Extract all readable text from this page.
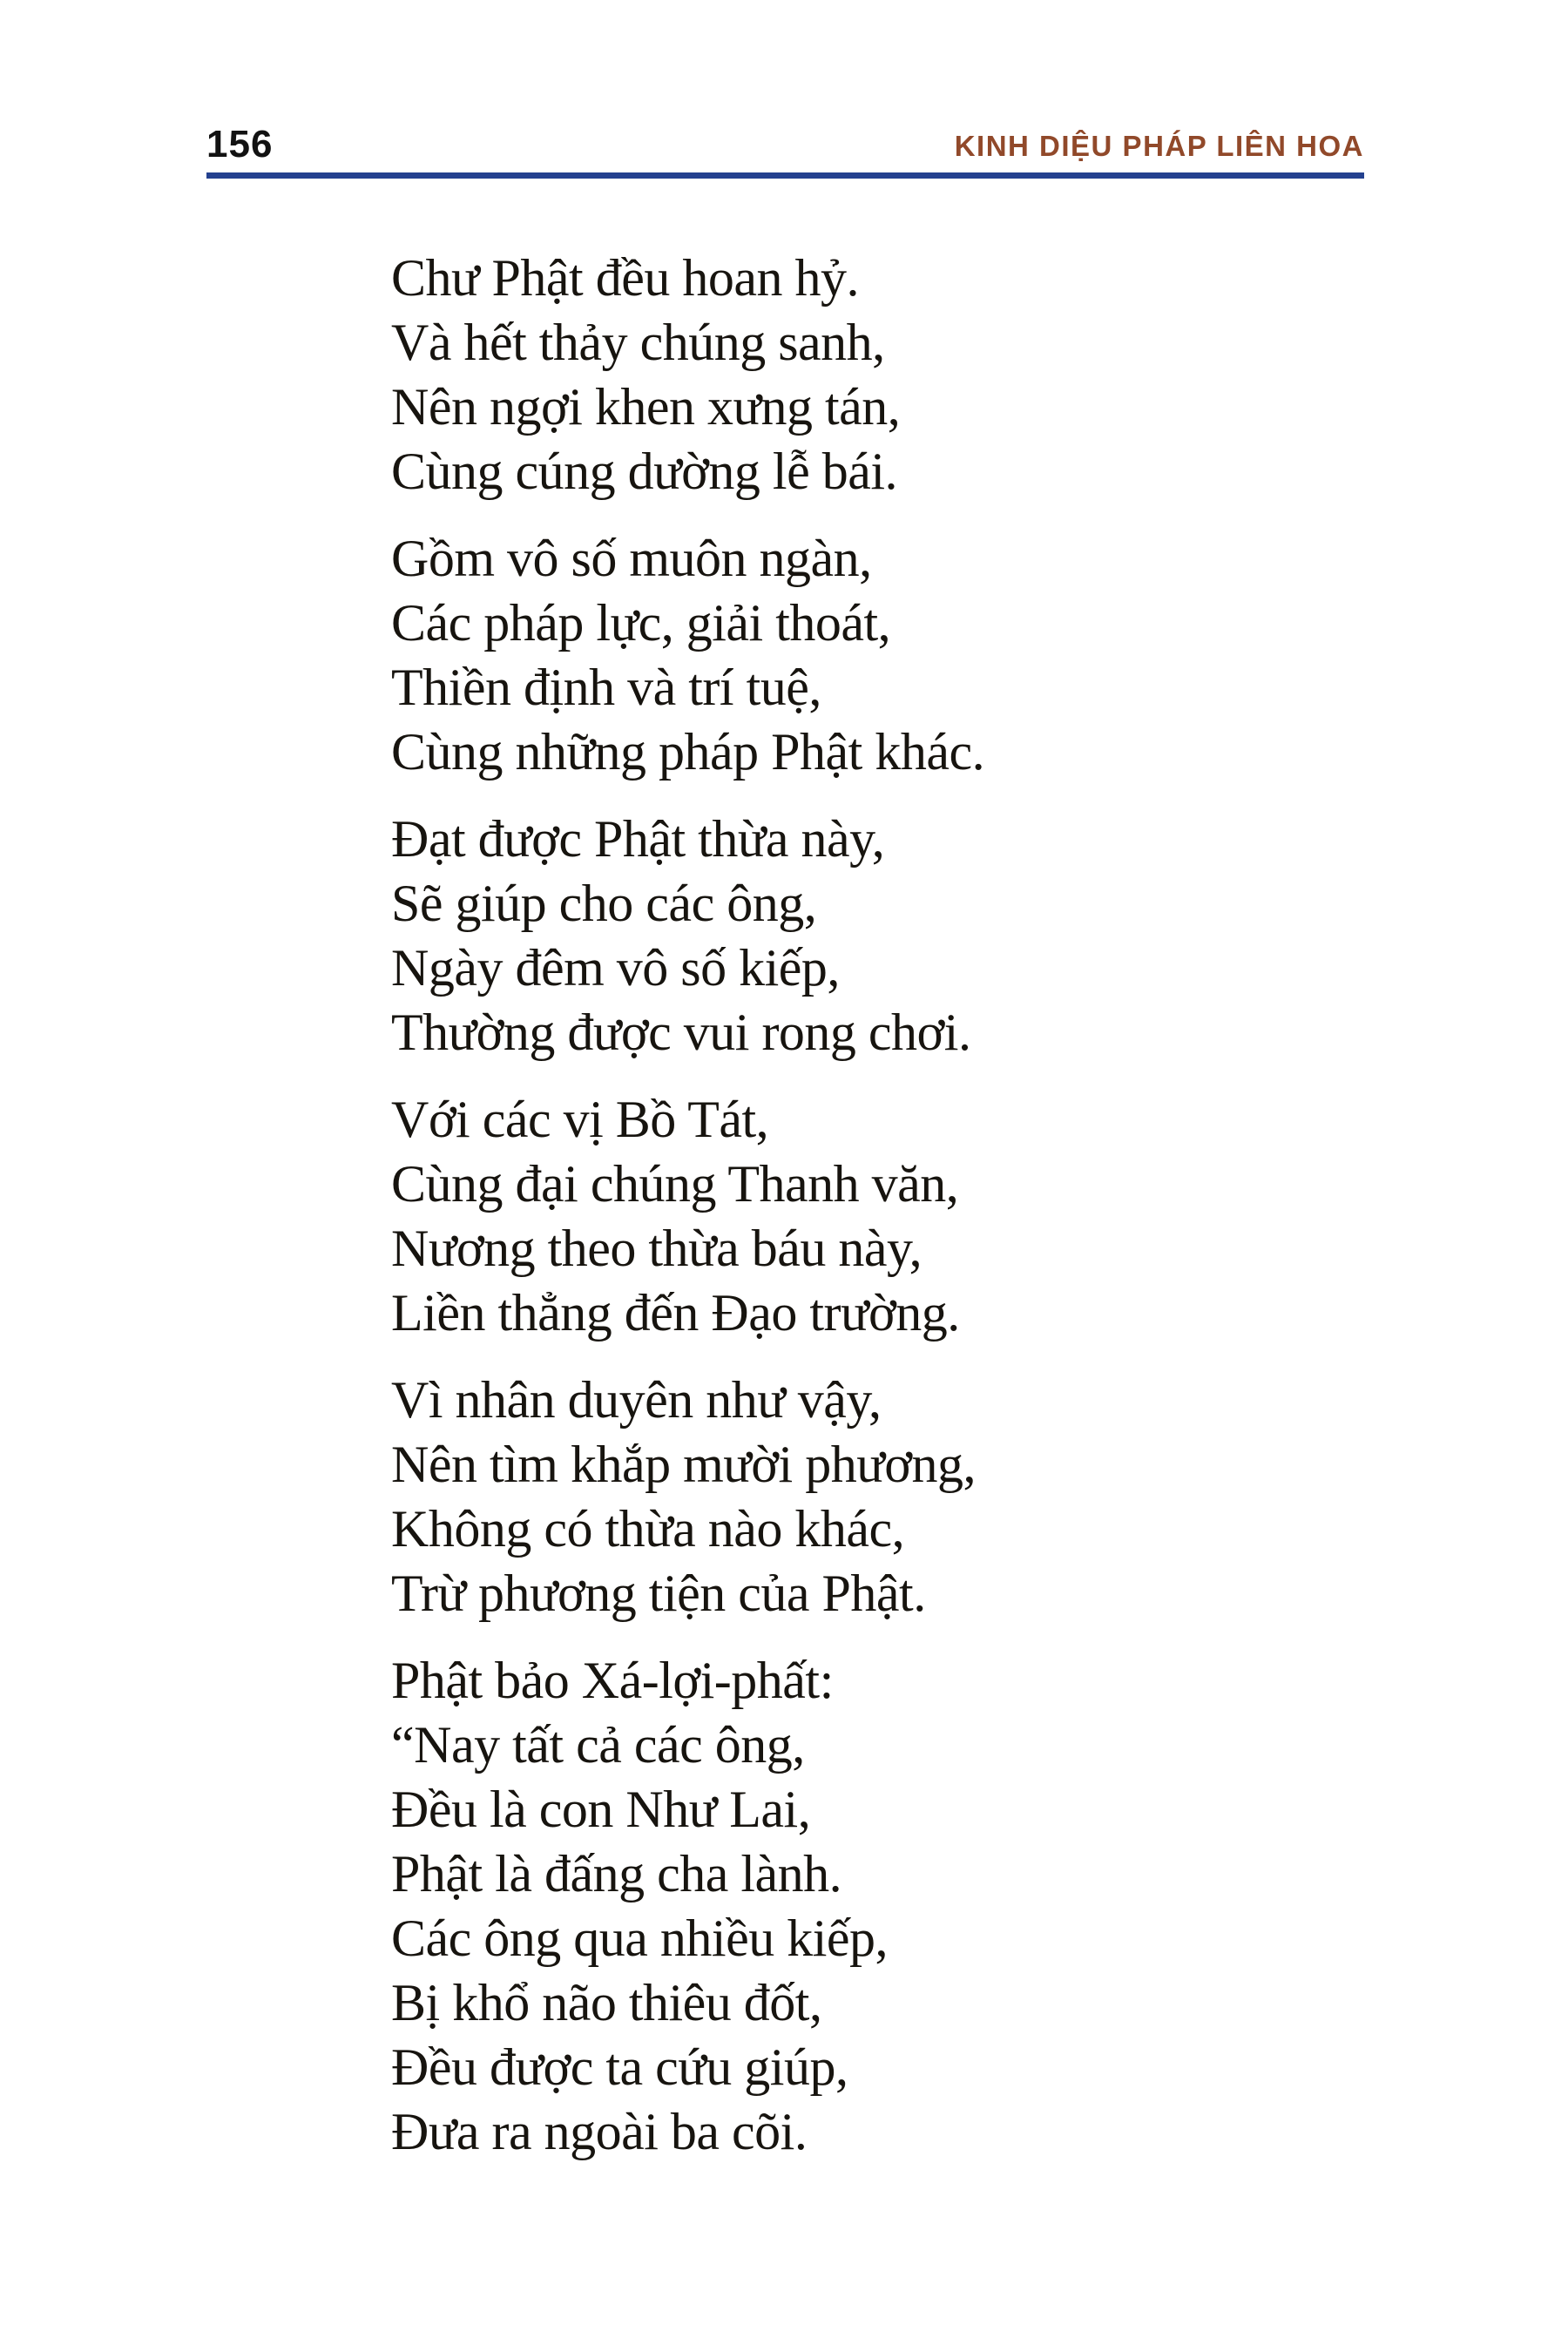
156	KINH DIỆU PHÁP LIÊN HOA
Chư Phật đều hoan hỷ.
Và hết thảy chúng sanh,
Nên ngợi khen xưng tán,
Cùng cúng dường lễ bái.
Gồm vô số muôn ngàn,
Các pháp lực, giải thoát,
Thiền định và trí tuệ,
Cùng những pháp Phật khác.
Đạt được Phật thừa này,
Sẽ giúp cho các ông,
Ngày đêm vô số kiếp,
Thường được vui rong chơi.
Với các vị Bồ Tát,
Cùng đại chúng Thanh văn,
Nương theo thừa báu này,
Liền thẳng đến Đạo trường.
Vì nhân duyên như vậy,
Nên tìm khắp mười phương,
Không có thừa nào khác,
Trừ phương tiện của Phật.
Phật bảo Xá-lợi-phất:
“Nay tất cả các ông,
Đều là con Như Lai,
Phật là đấng cha lành.
Các ông qua nhiều kiếp,
Bị khổ não thiêu đốt,
Đều được ta cứu giúp,
Đưa ra ngoài ba cõi.
